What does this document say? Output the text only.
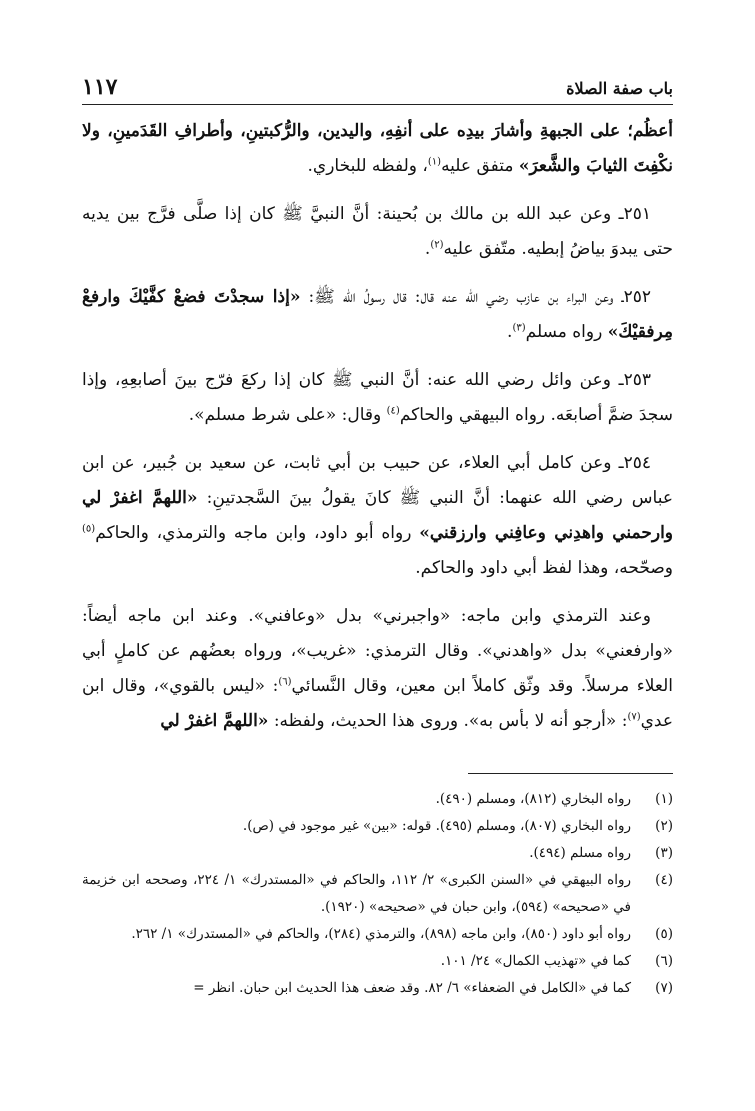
باب صفة الصلاة
١١٧

أعظُم؛ على الجبهةِ وأشارَ بيدِه على أنفِهِ، واليدين، والرُّكبتينِ، وأطرافِ القَدَمينِ، ولا نكْفِتَ الثيابَ والشَّعرَ» متفق عليه$^{(١)}$، ولفظه للبخاري.

٢٥١ـ وعن عبد الله بن مالك بن بُحينة: أنَّ النبيَّ ﷺ كان إذا صلَّى فرَّج بين يديه حتى يبدوَ بياضُ إبطيه. متّفق عليه$^{(٢)}$.

٢٥٢ـ وعن البراء بن عازب رضي الله عنه قال: قال رسولُ الله ﷺ: «إذا سجدْتَ فضعْ كفَّيْكَ وارفعْ مِرفقيْكَ» رواه مسلم$^{(٣)}$.

٢٥٣ـ وعن وائل رضي الله عنه: أنَّ النبي ﷺ كان إذا ركعَ فرّج بينَ أصابعِهِ، وإذا سجدَ ضمَّ أصابعَه. رواه البيهقي والحاكم$^{(٤)}$ وقال: «على شرط مسلم».

٢٥٤ـ وعن كامل أبي العلاء، عن حبيب بن أبي ثابت، عن سعيد بن جُبير، عن ابن عباس رضي الله عنهما: أنَّ النبي ﷺ كانَ يقولُ بينَ السَّجدتينِ: «اللهمَّ اغفرْ لي وارحمني واهدِني وعافِني وارزقني» رواه أبو داود، وابن ماجه والترمذي، والحاكم$^{(٥)}$ وصحّحه، وهذا لفظ أبي داود والحاكم.

وعند الترمذي وابن ماجه: «واجبرني» بدل «وعافني». وعند ابن ماجه أيضاً: «وارفعني» بدل «واهدني». وقال الترمذي: «غريب»، ورواه بعضُهم عن كاملٍ أبي العلاء مرسلاً. وقد وثّق كاملاً ابن معين، وقال النَّسائي$^{(٦)}$: «ليس بالقوي»، وقال ابن عدي$^{(٧)}$: «أرجو أنه لا بأس به». وروى هذا الحديث، ولفظه: «اللهمَّ اغفرْ لي

(١)
رواه البخاري (٨١٢)، ومسلم (٤٩٠).
(٢)
رواه البخاري (٨٠٧)، ومسلم (٤٩٥). قوله: «بين» غير موجود في (ص).
(٣)
رواه مسلم (٤٩٤).
(٤)
رواه البيهقي في «السنن الكبرى» ٢/ ١١٢، والحاكم في «المستدرك» ١/ ٢٢٤، وصححه ابن خزيمة في «صحيحه» (٥٩٤)، وابن حبان في «صحيحه» (١٩٢٠).
(٥)
رواه أبو داود (٨٥٠)، وابن ماجه (٨٩٨)، والترمذي (٢٨٤)، والحاكم في «المستدرك» ١/ ٢٦٢.
(٦)
كما في «تهذيب الكمال» ٢٤/ ١٠١.
(٧)
كما في «الكامل في الضعفاء» ٦/ ٨٢. وقد ضعف هذا الحديث ابن حبان. انظر =
